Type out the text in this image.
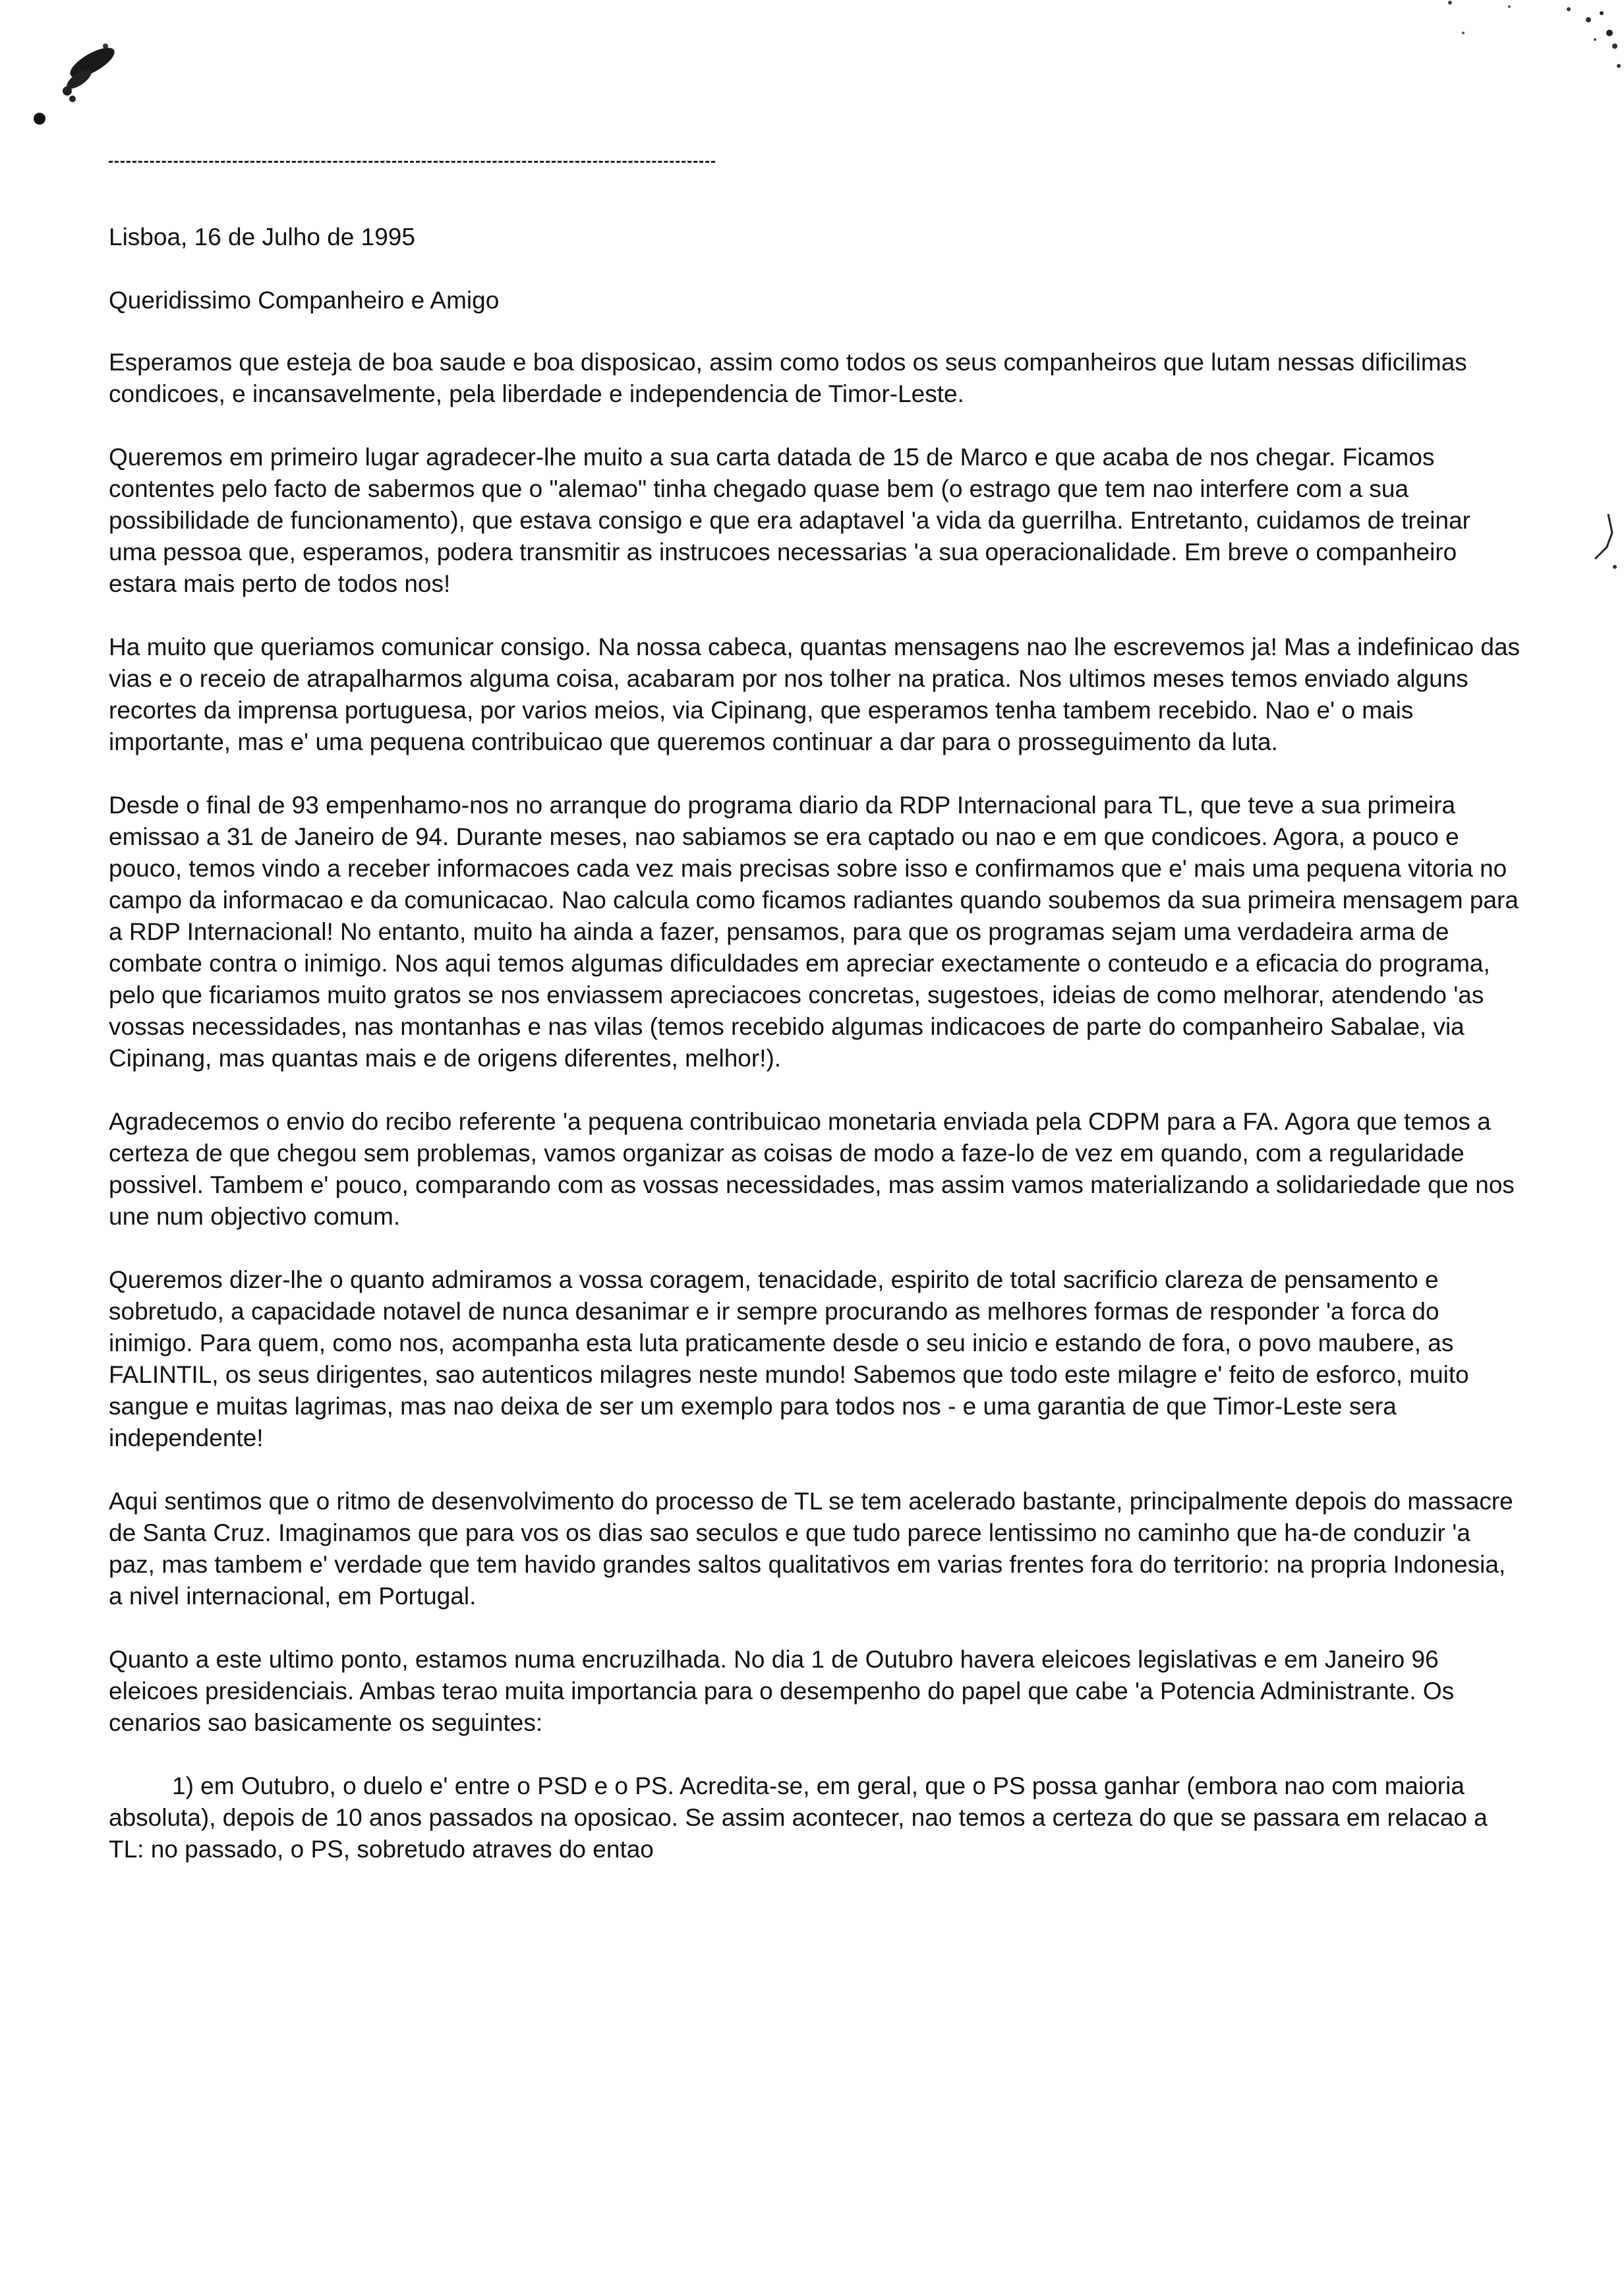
Lisboa, 16 de Julho de 1995

Queridissimo Companheiro e Amigo

Esperamos que esteja de boa saude e boa disposicao, assim como todos os seus companheiros que lutam nessas dificilimas condicoes, e incansavelmente, pela liberdade e independencia de Timor-Leste.

Queremos em primeiro lugar agradecer-lhe muito a sua carta datada de 15 de Marco e que acaba de nos chegar. Ficamos contentes pelo facto de sabermos que o "alemao" tinha chegado quase bem (o estrago que tem nao interfere com a sua possibilidade de funcionamento), que estava consigo e que era adaptavel 'a vida da guerrilha. Entretanto, cuidamos de treinar uma pessoa que, esperamos, podera transmitir as instrucoes necessarias 'a sua operacionalidade. Em breve o companheiro estara mais perto de todos nos!

Ha muito que queriamos comunicar consigo. Na nossa cabeca, quantas mensagens nao lhe escrevemos ja! Mas a indefinicao das vias e o receio de atrapalharmos alguma coisa, acabaram por nos tolher na pratica. Nos ultimos meses temos enviado alguns recortes da imprensa portuguesa, por varios meios, via Cipinang, que esperamos tenha tambem recebido. Nao e' o mais importante, mas e' uma pequena contribuicao que queremos continuar a dar para o prosseguimento da luta.

Desde o final de 93 empenhamo-nos no arranque do programa diario da RDP Internacional para TL, que teve a sua primeira emissao a 31 de Janeiro de 94. Durante meses, nao sabiamos se era captado ou nao e em que condicoes. Agora, a pouco e pouco, temos vindo a receber informacoes cada vez mais precisas sobre isso e confirmamos que e' mais uma pequena vitoria no campo da informacao e da comunicacao. Nao calcula como ficamos radiantes quando soubemos da sua primeira mensagem para a RDP Internacional! No entanto, muito ha ainda a fazer, pensamos, para que os programas sejam uma verdadeira arma de combate contra o inimigo. Nos aqui temos algumas dificuldades em apreciar exectamente o conteudo e a eficacia do programa, pelo que ficariamos muito gratos se nos enviassem apreciacoes concretas, sugestoes, ideias de como melhorar, atendendo 'as vossas necessidades, nas montanhas e nas vilas (temos recebido algumas indicacoes de parte do companheiro Sabalae, via Cipinang, mas quantas mais e de origens diferentes, melhor!).

Agradecemos o envio do recibo referente 'a pequena contribuicao monetaria enviada pela CDPM para a FA. Agora que temos a certeza de que chegou sem problemas, vamos organizar as coisas de modo a faze-lo de vez em quando, com a regularidade possivel. Tambem e' pouco, comparando com as vossas necessidades, mas assim vamos materializando a solidariedade que nos une num objectivo comum.

Queremos dizer-lhe o quanto admiramos a vossa coragem, tenacidade, espirito de total sacrificio clareza de pensamento e sobretudo, a capacidade notavel de nunca desanimar e ir sempre procurando as melhores formas de responder 'a forca do inimigo. Para quem, como nos, acompanha esta luta praticamente desde o seu inicio e estando de fora, o povo maubere, as FALINTIL, os seus dirigentes, sao autenticos milagres neste mundo! Sabemos que todo este milagre e' feito de esforco, muito sangue e muitas lagrimas, mas nao deixa de ser um exemplo para todos nos - e uma garantia de que Timor-Leste sera independente!

Aqui sentimos que o ritmo de desenvolvimento do processo de TL se tem acelerado bastante, principalmente depois do massacre de Santa Cruz. Imaginamos que para vos os dias sao seculos e que tudo parece lentissimo no caminho que ha-de conduzir 'a paz, mas tambem e' verdade que tem havido grandes saltos qualitativos em varias frentes fora do territorio: na propria Indonesia, a nivel internacional, em Portugal.

Quanto a este ultimo ponto, estamos numa encruzilhada. No dia 1 de Outubro havera eleicoes legislativas e em Janeiro 96 eleicoes presidenciais. Ambas terao muita importancia para o desempenho do papel que cabe 'a Potencia Administrante. Os cenarios sao basicamente os seguintes:

1) em Outubro, o duelo e' entre o PSD e o PS. Acredita-se, em geral, que o PS possa ganhar (embora nao com maioria absoluta), depois de 10 anos passados na oposicao. Se assim acontecer, nao temos a certeza do que se passara em relacao a TL: no passado, o PS, sobretudo atraves do entao
